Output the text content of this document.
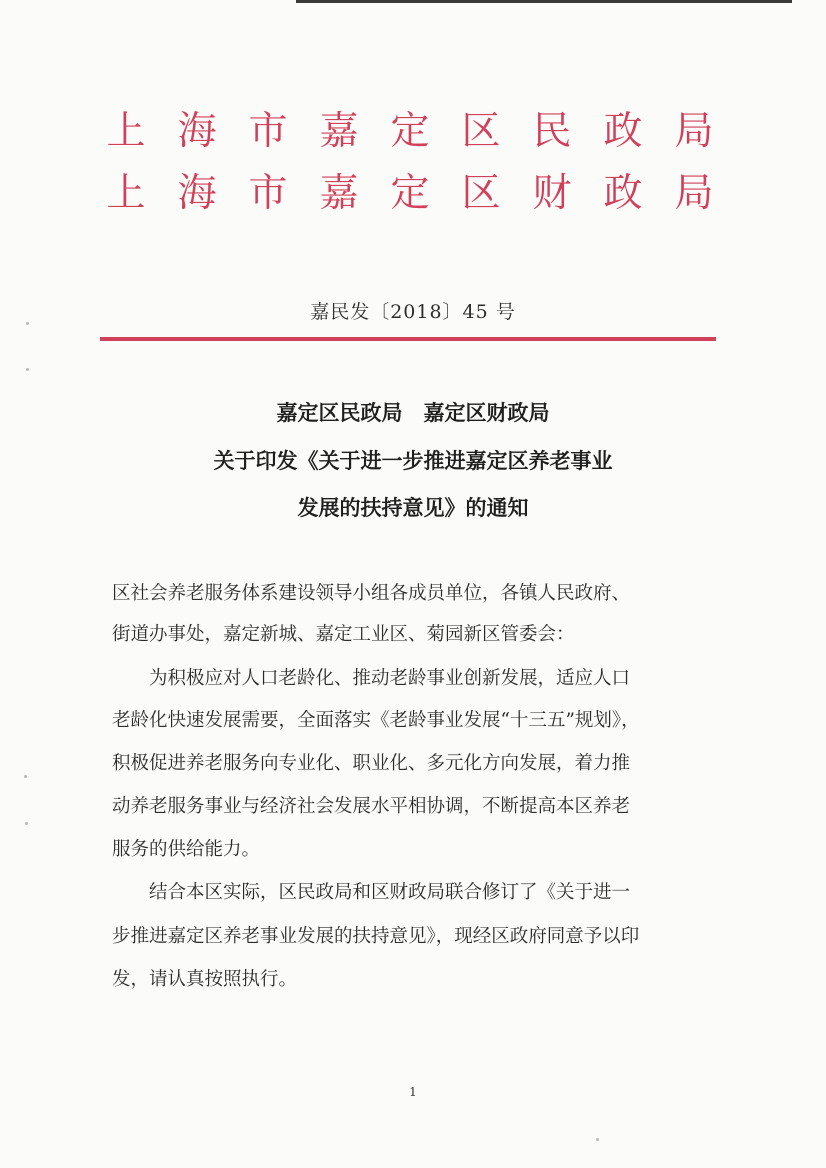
上 海 市 嘉 定 区 民 政 局
上 海 市 嘉 定 区 财 政 局
嘉民发〔2018〕45 号
嘉定区民政局　嘉定区财政局
关于印发《关于进一步推进嘉定区养老事业
发展的扶持意见》的通知
区社会养老服务体系建设领导小组各成员单位，各镇人民政府、
街道办事处，嘉定新城、嘉定工业区、菊园新区管委会：
　　为积极应对人口老龄化、推动老龄事业创新发展，适应人口
老龄化快速发展需要，全面落实《老龄事业发展“十三五”规划》，
积极促进养老服务向专业化、职业化、多元化方向发展，着力推
动养老服务事业与经济社会发展水平相协调，不断提高本区养老
服务的供给能力。
　　结合本区实际，区民政局和区财政局联合修订了《关于进一
步推进嘉定区养老事业发展的扶持意见》，现经区政府同意予以印
发，请认真按照执行。
1
